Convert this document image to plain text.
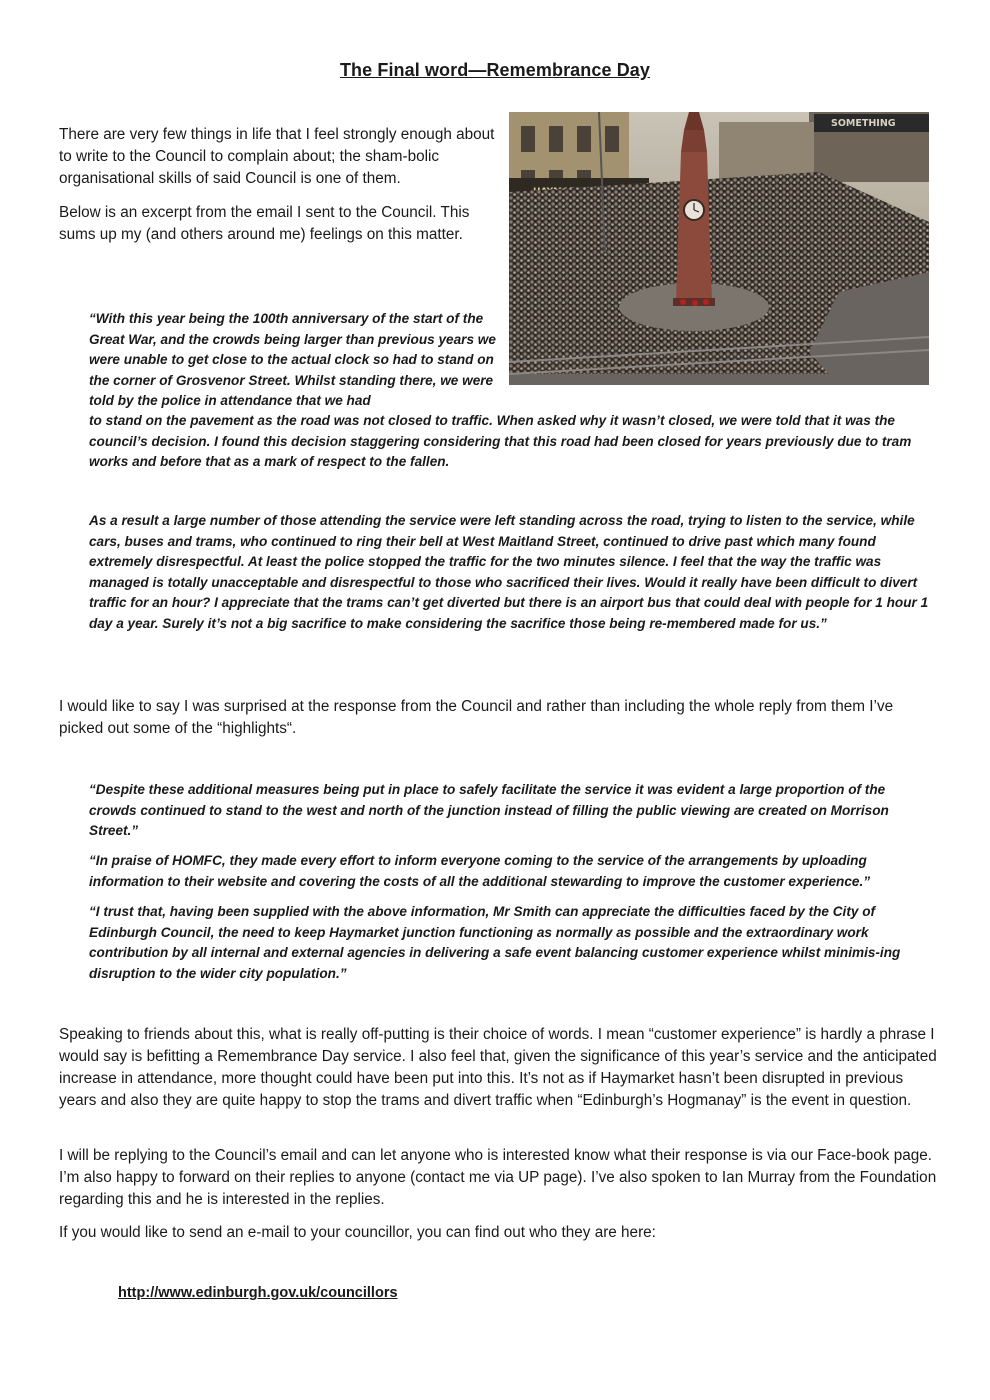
The Final word—Remembrance Day

There are very few things in life that I feel strongly enough about to write to the Council to complain about; the sham-bolic organisational skills of said Council is one of them.

Below is an excerpt from the email I sent to the Council. This sums up my (and others around me) feelings on this matter.

SOMETHING

“With this year being the 100th anniversary of the start of the Great War, and the crowds being larger than previous years we were unable to get close to the actual clock so had to stand on the corner of Grosvenor Street. Whilst standing there, we were told by the police in attendance that we had

to stand on the pavement as the road was not closed to traffic. When asked why it wasn’t closed, we were told that it was the council’s decision. I found this decision staggering considering that this road had been closed for years previously due to tram works and before that as a mark of respect to the fallen.

As a result a large number of those attending the service were left standing across the road, trying to listen to the service, while cars, buses and trams, who continued to ring their bell at West Maitland Street, continued to drive past which many found extremely disrespectful. At least the police stopped the traffic for the two minutes silence. I feel that the way the traffic was managed is totally unacceptable and disrespectful to those who sacrificed their lives. Would it really have been difficult to divert traffic for an hour? I appreciate that the trams can’t get diverted but there is an airport bus that could deal with people for 1 hour 1 day a year. Surely it’s not a big sacrifice to make considering the sacrifice those being re-membered made for us.”

I would like to say I was surprised at the response from the Council and rather than including the whole reply from them I’ve picked out some of the “highlights“.

“Despite these additional measures being put in place to safely facilitate the service it was evident a large proportion of the crowds continued to stand to the west and north of the junction instead of filling the public viewing are created on Morrison Street.”

“In praise of HOMFC, they made every effort to inform everyone coming to the service of the arrangements by uploading information to their website and covering the costs of all the additional stewarding to improve the customer experience.”

“I trust that, having been supplied with the above information, Mr Smith can appreciate the difficulties faced by the City of Edinburgh Council, the need to keep Haymarket junction functioning as normally as possible and the extraordinary work contribution by all internal and external agencies in delivering a safe event balancing customer experience whilst minimis-ing disruption to the wider city population.”

Speaking to friends about this, what is really off-putting is their choice of words. I mean “customer experience” is hardly a phrase I would say is befitting a Remembrance Day service. I also feel that, given the significance of this year’s service and the anticipated increase in attendance, more thought could have been put into this. It’s not as if Haymarket hasn’t been disrupted in previous years and also they are quite happy to stop the trams and divert traffic when “Edinburgh’s Hogmanay” is the event in question.

I will be replying to the Council’s email and can let anyone who is interested know what their response is via our Face-book page. I’m also happy to forward on their replies to anyone (contact me via UP page). I’ve also spoken to Ian Murray from the Foundation regarding this and he is interested in the replies.

If you would like to send an e-mail to your councillor, you can find out who they are here:

http://www.edinburgh.gov.uk/councillors
